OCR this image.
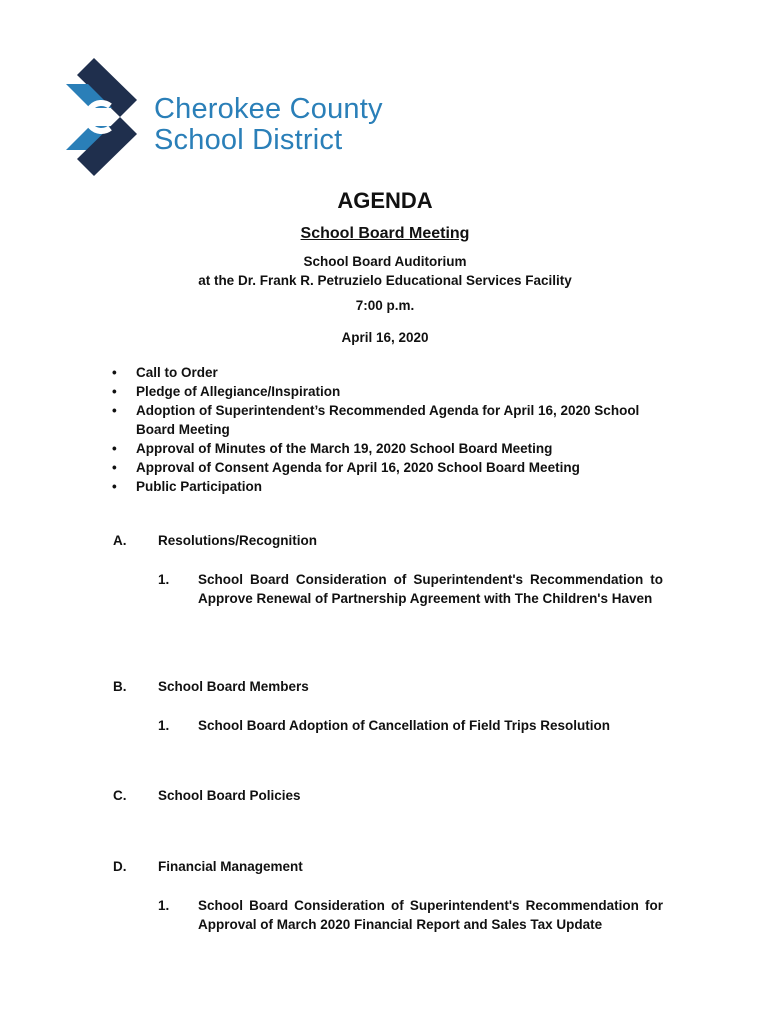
Cherokee County
School District
AGENDA
School Board Meeting
School Board Auditorium
at the Dr. Frank R. Petruzielo Educational Services Facility
7:00 p.m.
April 16, 2020
• Call to Order
• Pledge of Allegiance/Inspiration
• Adoption of Superintendent’s Recommended Agenda for April 16, 2020 School Board Meeting
• Approval of Minutes of the March 19, 2020 School Board Meeting
• Approval of Consent Agenda for April 16, 2020 School Board Meeting
• Public Participation
A. Resolutions/Recognition
1. School Board Consideration of Superintendent's Recommendation to Approve Renewal of Partnership Agreement with The Children's Haven
B. School Board Members
1. School Board Adoption of Cancellation of Field Trips Resolution
C. School Board Policies
D. Financial Management
1. School Board Consideration of Superintendent's Recommendation for Approval of March 2020 Financial Report and Sales Tax Update
